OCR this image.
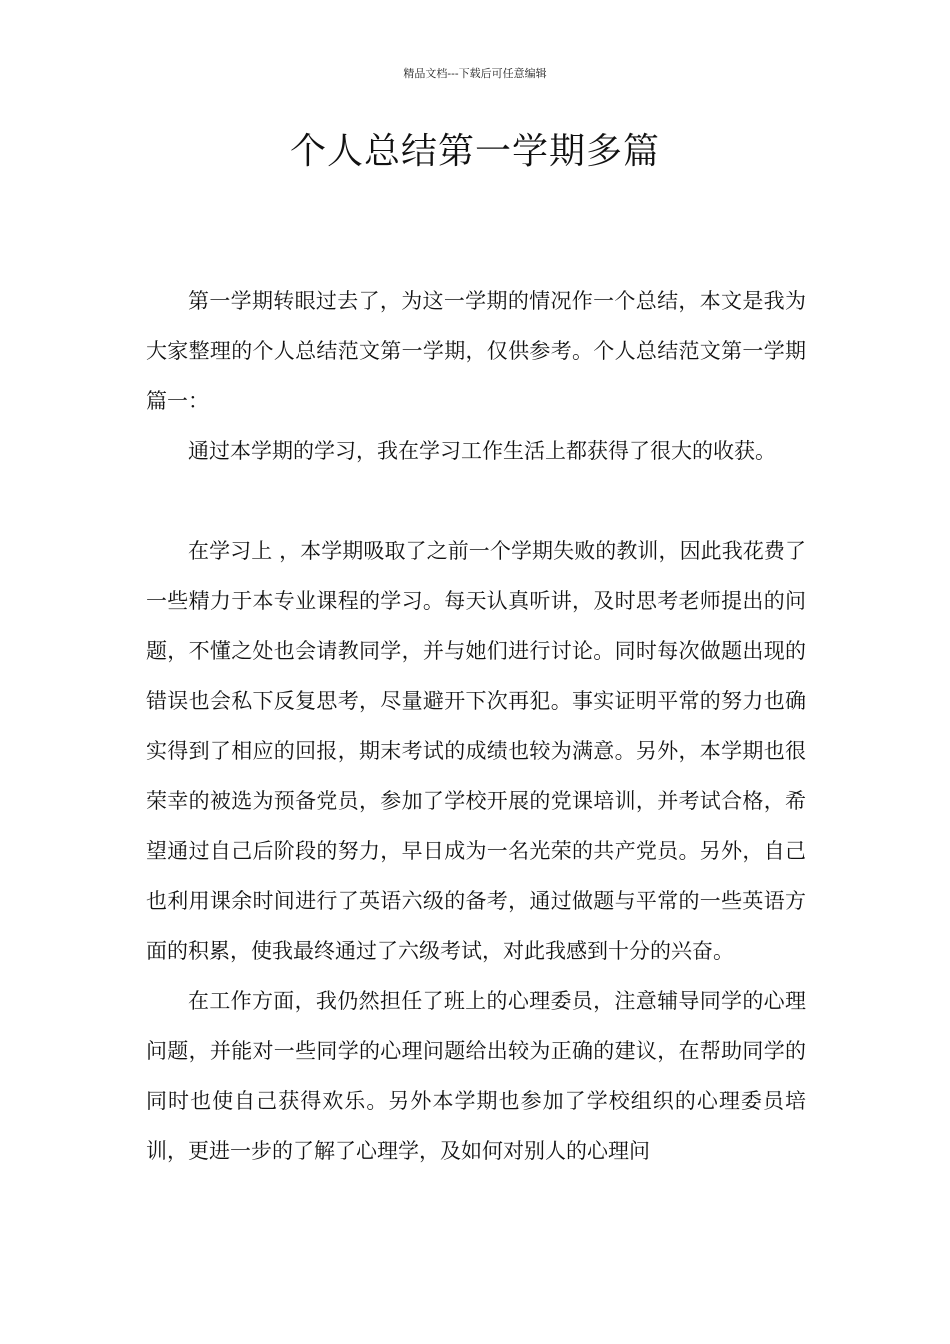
精品文档---下载后可任意编辑
个人总结第一学期多篇

第一学期转眼过去了，为这一学期的情况作一个总结，本文是我为大家整理的个人总结范文第一学期，仅供参考。个人总结范文第一学期篇一：

通过本学期的学习，我在学习工作生活上都获得了很大的收获。

在学习上 ，本学期吸取了之前一个学期失败的教训，因此我花费了一些精力于本专业课程的学习。每天认真听讲，及时思考老师提出的问题，不懂之处也会请教同学，并与她们进行讨论。同时每次做题出现的错误也会私下反复思考，尽量避开下次再犯。事实证明平常的努力也确实得到了相应的回报，期末考试的成绩也较为满意。另外，本学期也很荣幸的被选为预备党员，参加了学校开展的党课培训，并考试合格，希望通过自己后阶段的努力，早日成为一名光荣的共产党员。另外，自己也利用课余时间进行了英语六级的备考，通过做题与平常的一些英语方面的积累，使我最终通过了六级考试，对此我感到十分的兴奋。

在工作方面，我仍然担任了班上的心理委员，注意辅导同学的心理问题，并能对一些同学的心理问题给出较为正确的建议，在帮助同学的同时也使自己获得欢乐。另外本学期也参加了学校组织的心理委员培训，更进一步的了解了心理学，及如何对别人的心理问
